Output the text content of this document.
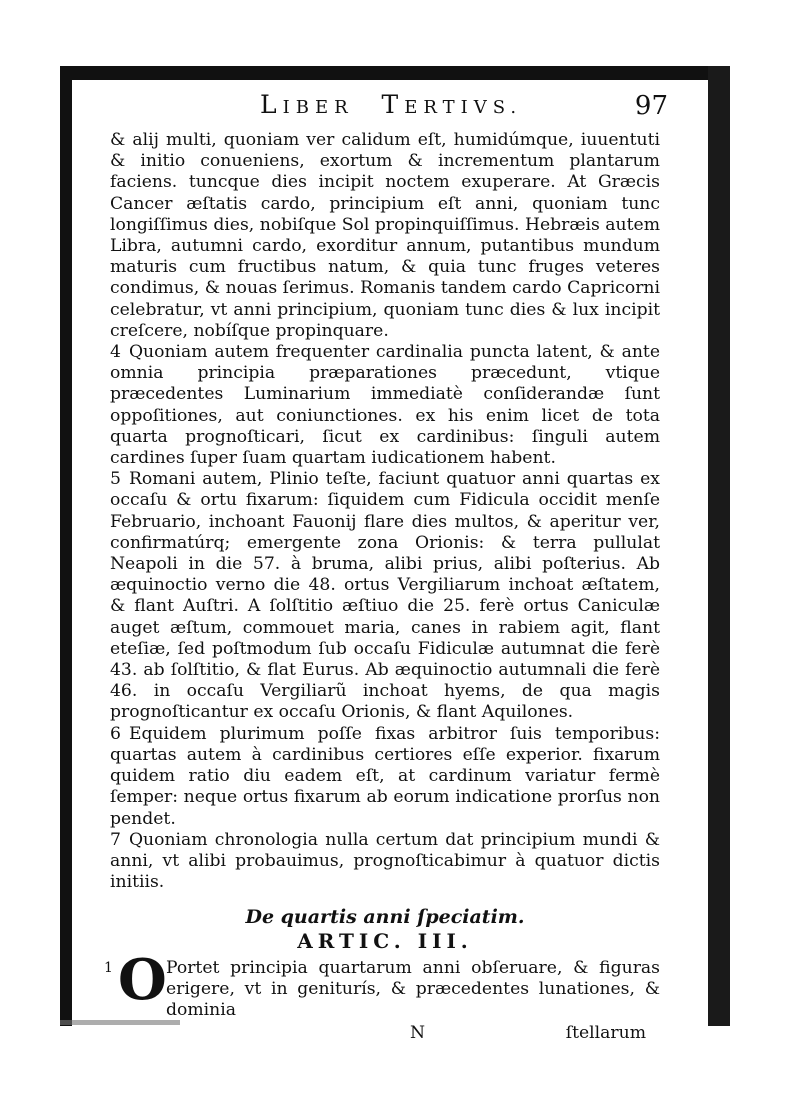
LIBER TERTIVS.	97

& alij multi, quoniam ver calidum eſt, humidúmque, iuuentuti & initio conueniens, exortum & incrementum plantarum faciens. tuncque dies incipit noctem exuperare. At Græcis Cancer æſtatis cardo, principium eſt anni, quoniam tunc longiſſimus dies, nobiſque Sol propinquiſſimus. Hebræis autem Libra, autumni cardo, exorditur annum, putantibus mundum maturis cum fructibus natum, & quia tunc fruges veteres condimus, & nouas ſerimus. Romanis tandem cardo Capricorni celebratur, vt anni principium, quoniam tunc dies & lux incipit creſcere, nobíſque propinquare.

4 Quoniam autem frequenter cardinalia puncta latent, & ante omnia principia præparationes præcedunt, vtique præcedentes Luminarium immediatè conſiderandæ ſunt oppoſitiones, aut coniunctiones. ex his enim licet de tota quarta prognoſticari, ſicut ex cardinibus: ſinguli autem cardines ſuper ſuam quartam iudicationem habent.

5 Romani autem, Plinio teſte, faciunt quatuor anni quartas ex occaſu & ortu fixarum: ſiquidem cum Fidicula occidit menſe Februario, inchoant Fauonij flare dies multos, & aperitur ver, confirmatúrq; emergente zona Orionis: & terra pullulat Neapoli in die 57. à bruma, alibi prius, alibi poſterius. Ab æquinoctio verno die 48. ortus Vergiliarum inchoat æſtatem, & flant Auſtri. A ſolſtitio æſtiuo die 25. ferè ortus Caniculæ auget æſtum, commouet maria, canes in rabiem agit, flant eteſiæ, ſed poſtmodum ſub occaſu Fidiculæ autumnat die ferè 43. ab ſolſtitio, & flat Eurus. Ab æquinoctio autumnali die ferè 46. in occaſu Vergiliarũ inchoat hyems, de qua magis prognoſticantur ex occaſu Orionis, & flant Aquilones.

6 Equidem plurimum poſſe fixas arbitror ſuis temporibus: quartas autem à cardinibus certiores eſſe experior. fixarum quidem ratio diu eadem eſt, at cardinum variatur fermè ſemper: neque ortus fixarum ab eorum indicatione prorſus non pendet.

7 Quoniam chronologia nulla certum dat principium mundi & anni, vt alibi probauimus, prognoſticabimur à quatuor dictis initiis.

De quartis anni ſpeciatim.
ARTIC. III.
1 O Portet principia quartarum anni obſeruare, & figuras erigere, vt in geniturís, & præcedentes lunationes, & dominia
N	ſtellarum
